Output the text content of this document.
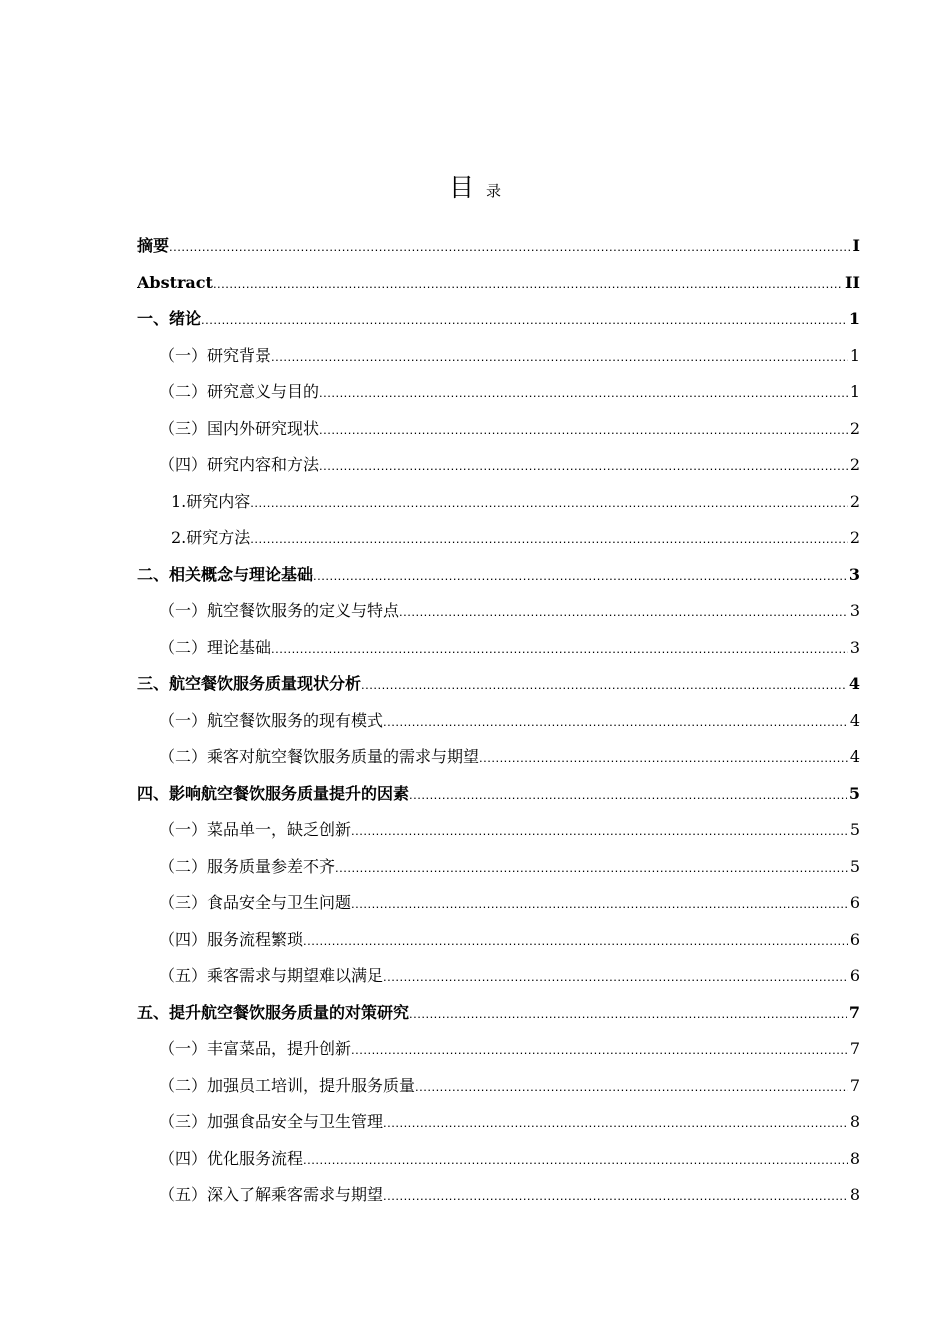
目录
摘要 .....	I
Abstract .....	II
一、绪论 .....	1
（一）研究背景 .....	1
（二）研究意义与目的 .....	1
（三）国内外研究现状 .....	2
（四）研究内容和方法 .....	2
1.研究内容 .....	2
2.研究方法 .....	2
二、相关概念与理论基础 .....	3
（一）航空餐饮服务的定义与特点 .....	3
（二）理论基础 .....	3
三、航空餐饮服务质量现状分析 .....	4
（一）航空餐饮服务的现有模式 .....	4
（二）乘客对航空餐饮服务质量的需求与期望 .....	4
四、影响航空餐饮服务质量提升的因素 .....	5
（一）菜品单一，缺乏创新 .....	5
（二）服务质量参差不齐 .....	5
（三）食品安全与卫生问题 .....	6
（四）服务流程繁琐 .....	6
（五）乘客需求与期望难以满足 .....	6
五、提升航空餐饮服务质量的对策研究 .....	7
（一）丰富菜品，提升创新 .....	7
（二）加强员工培训，提升服务质量 .....	7
（三）加强食品安全与卫生管理 .....	8
（四）优化服务流程 .....	8
（五）深入了解乘客需求与期望 .....	8
